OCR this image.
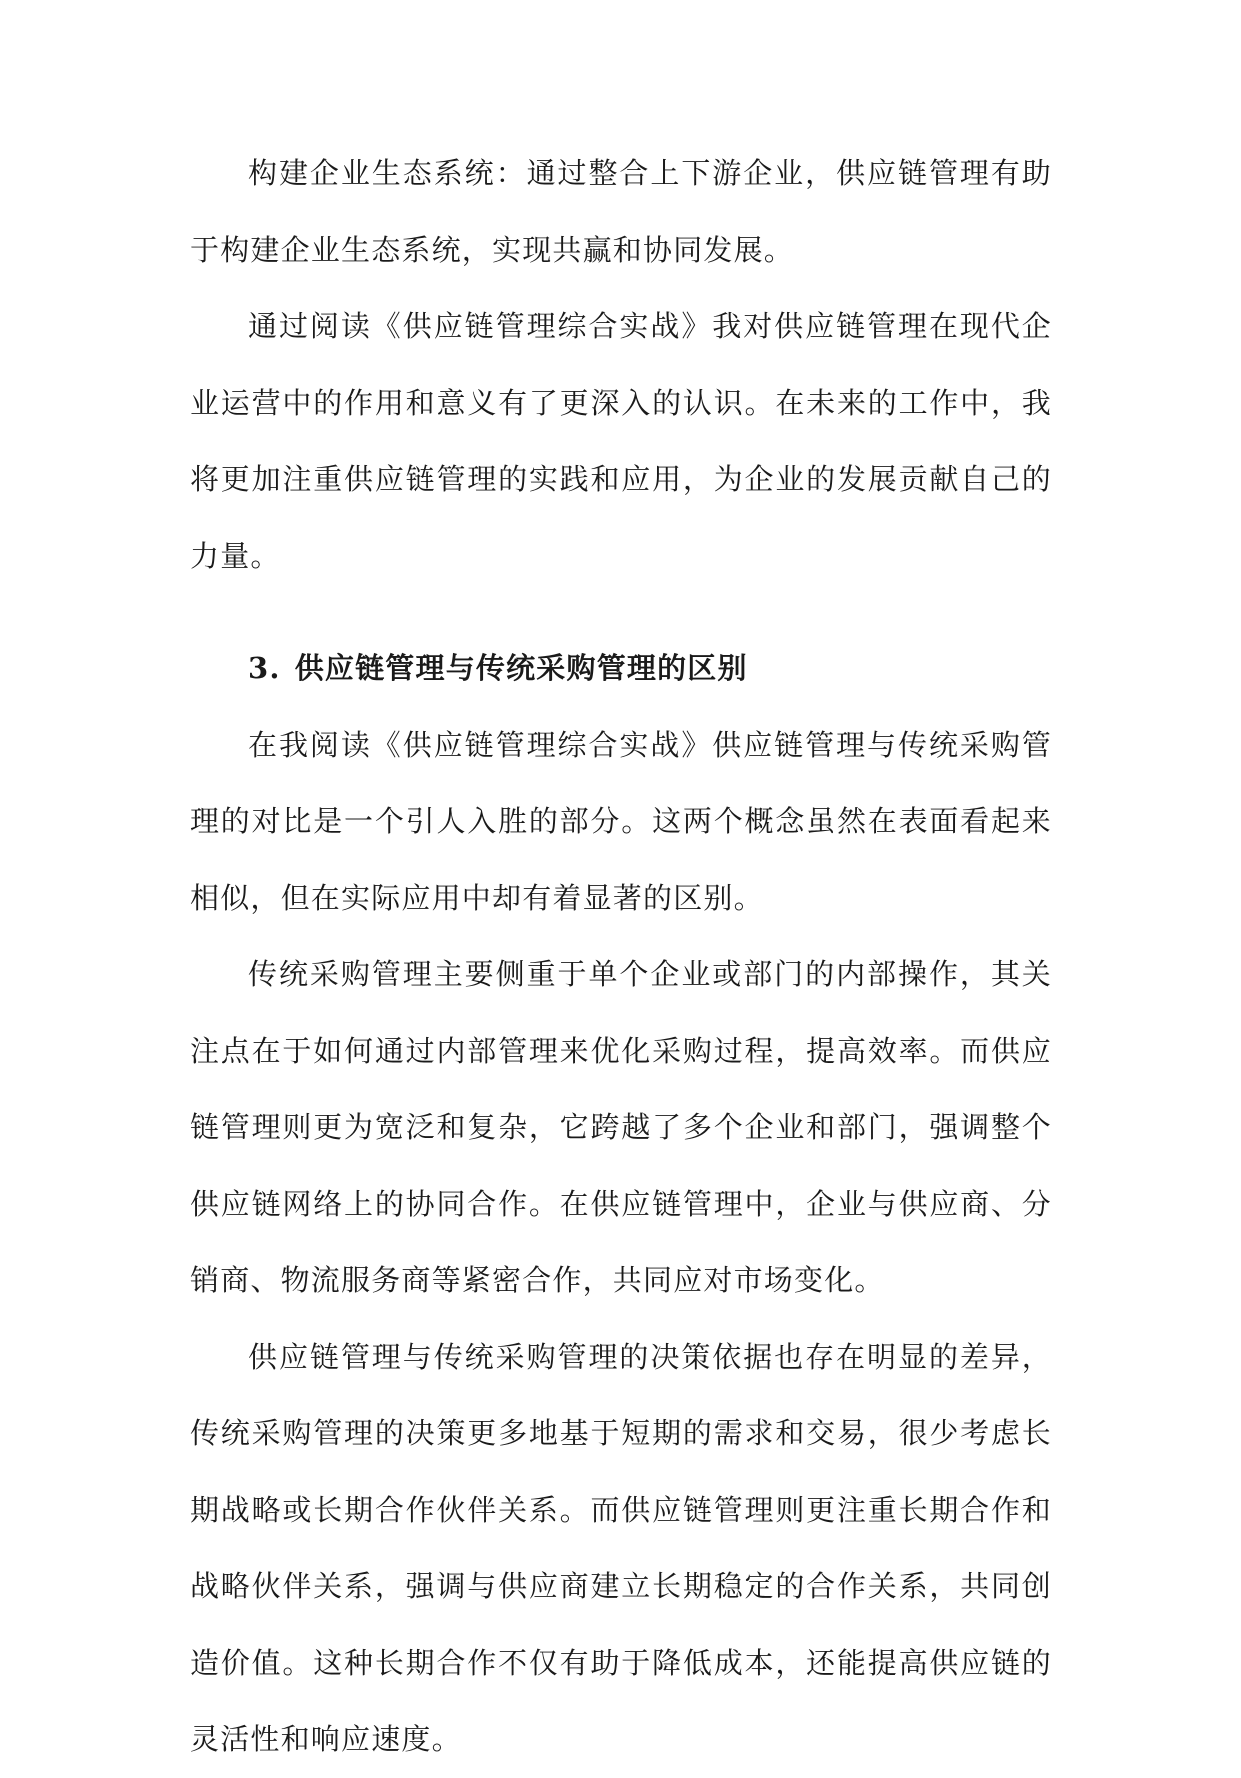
构建企业生态系统：通过整合上下游企业，供应链管理有助于构建企业生态系统，实现共赢和协同发展。

通过阅读《供应链管理综合实战》我对供应链管理在现代企业运营中的作用和意义有了更深入的认识。在未来的工作中，我将更加注重供应链管理的实践和应用，为企业的发展贡献自己的力量。

3. 供应链管理与传统采购管理的区别

在我阅读《供应链管理综合实战》供应链管理与传统采购管理的对比是一个引人入胜的部分。这两个概念虽然在表面看起来相似，但在实际应用中却有着显著的区别。

传统采购管理主要侧重于单个企业或部门的内部操作，其关注点在于如何通过内部管理来优化采购过程，提高效率。而供应链管理则更为宽泛和复杂，它跨越了多个企业和部门，强调整个供应链网络上的协同合作。在供应链管理中，企业与供应商、分销商、物流服务商等紧密合作，共同应对市场变化。

供应链管理与传统采购管理的决策依据也存在明显的差异，传统采购管理的决策更多地基于短期的需求和交易，很少考虑长期战略或长期合作伙伴关系。而供应链管理则更注重长期合作和战略伙伴关系，强调与供应商建立长期稳定的合作关系，共同创造价值。这种长期合作不仅有助于降低成本，还能提高供应链的灵活性和响应速度。
